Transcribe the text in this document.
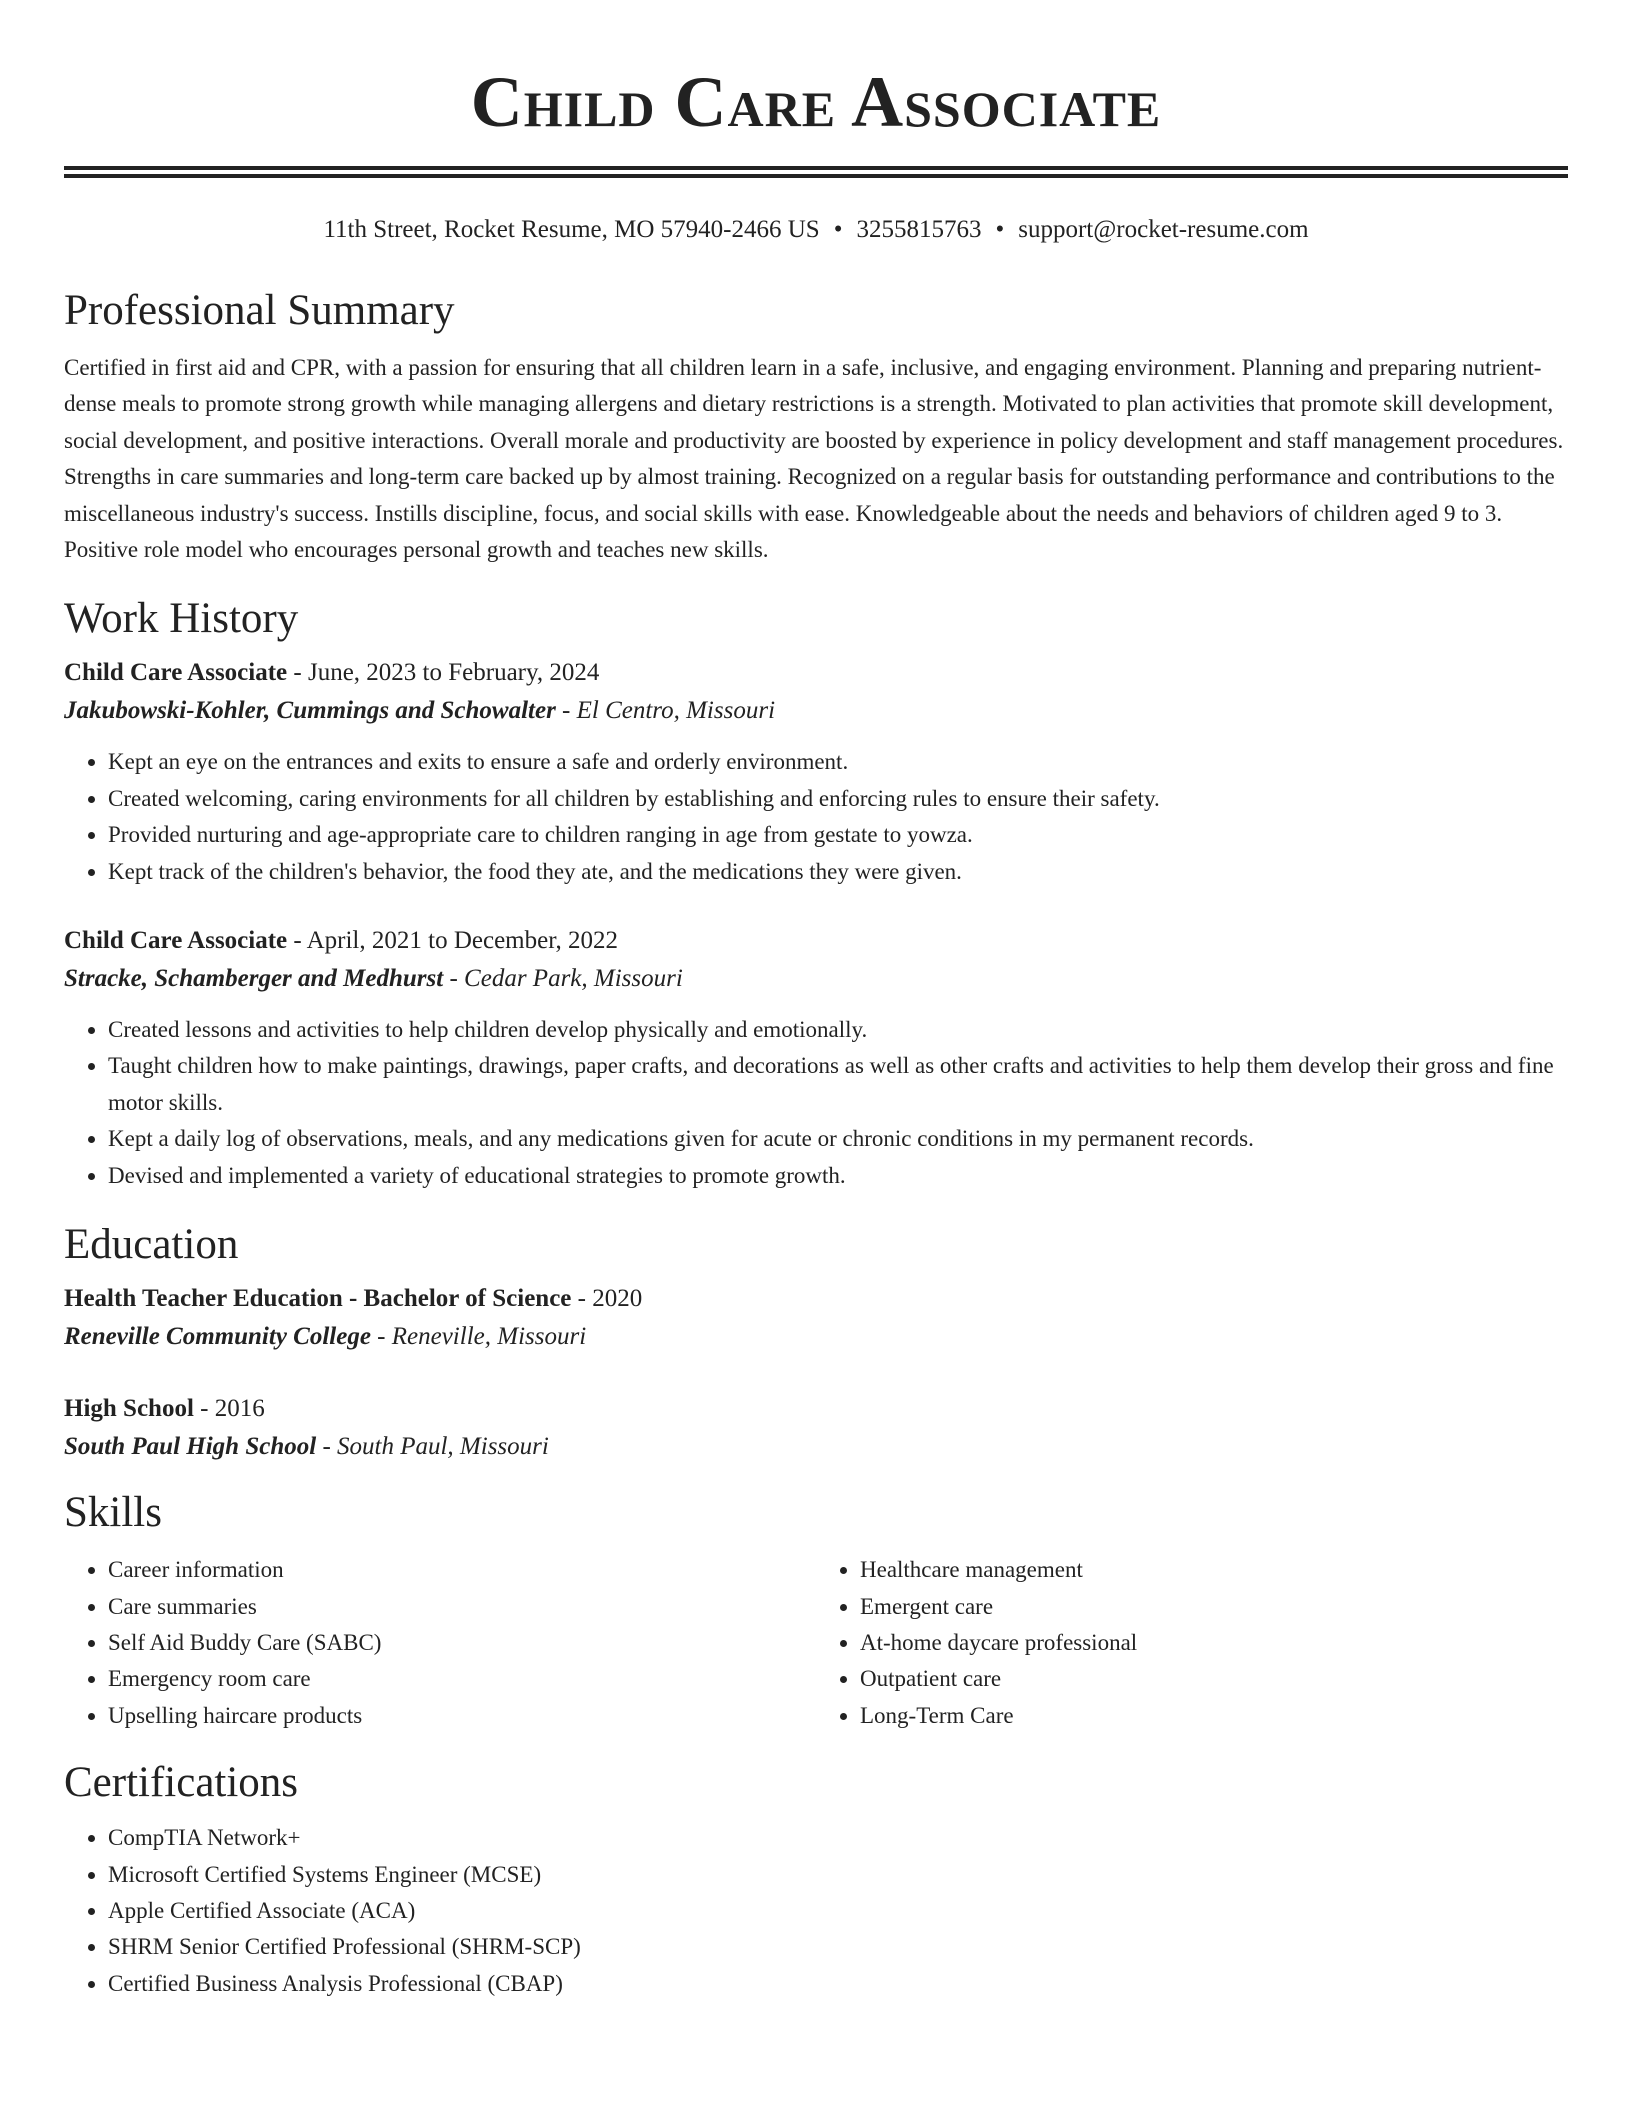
Child Care Associate
11th Street, Rocket Resume, MO 57940-2466 US • 3255815763 • support@rocket-resume.com
Professional Summary

Certified in first aid and CPR, with a passion for ensuring that all children learn in a safe, inclusive, and engaging environment. Planning and preparing nutrient-dense meals to promote strong growth while managing allergens and dietary restrictions is a strength. Motivated to plan activities that promote skill development, social development, and positive interactions. Overall morale and productivity are boosted by experience in policy development and staff management procedures. Strengths in care summaries and long-term care backed up by almost training. Recognized on a regular basis for outstanding performance and contributions to the miscellaneous industry's success. Instills discipline, focus, and social skills with ease. Knowledgeable about the needs and behaviors of children aged 9 to 3. Positive role model who encourages personal growth and teaches new skills.

Work History
Child Care Associate - June, 2023 to February, 2024
Jakubowski-Kohler, Cummings and Schowalter - El Centro, Missouri
• Kept an eye on the entrances and exits to ensure a safe and orderly environment.
• Created welcoming, caring environments for all children by establishing and enforcing rules to ensure their safety.
• Provided nurturing and age-appropriate care to children ranging in age from gestate to yowza.
• Kept track of the children's behavior, the food they ate, and the medications they were given.
Child Care Associate - April, 2021 to December, 2022
Stracke, Schamberger and Medhurst - Cedar Park, Missouri
• Created lessons and activities to help children develop physically and emotionally.
• Taught children how to make paintings, drawings, paper crafts, and decorations as well as other crafts and activities to help them develop their gross and fine motor skills.
• Kept a daily log of observations, meals, and any medications given for acute or chronic conditions in my permanent records.
• Devised and implemented a variety of educational strategies to promote growth.
Education
Health Teacher Education - Bachelor of Science - 2020
Reneville Community College - Reneville, Missouri
High School - 2016
South Paul High School - South Paul, Missouri
Skills
• Career information
• Care summaries
• Self Aid Buddy Care (SABC)
• Emergency room care
• Upselling haircare products
• Healthcare management
• Emergent care
• At-home daycare professional
• Outpatient care
• Long-Term Care
Certifications
• CompTIA Network+
• Microsoft Certified Systems Engineer (MCSE)
• Apple Certified Associate (ACA)
• SHRM Senior Certified Professional (SHRM-SCP)
• Certified Business Analysis Professional (CBAP)
